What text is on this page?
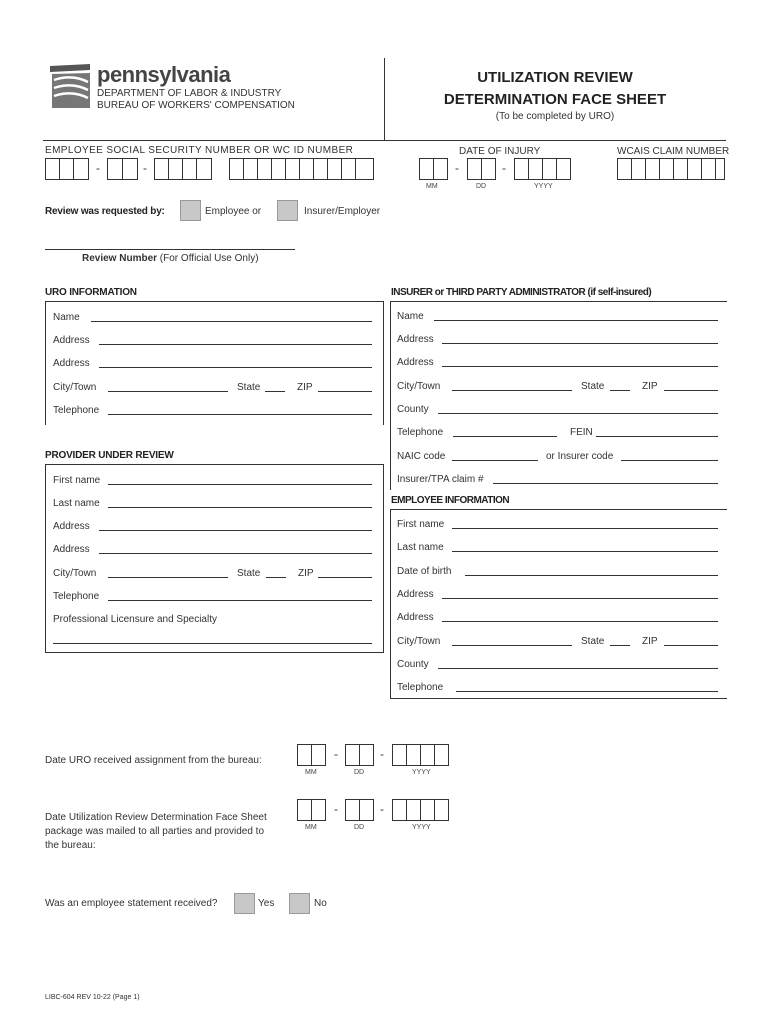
pennsylvania
DEPARTMENT OF LABOR & INDUSTRY
BUREAU OF WORKERS' COMPENSATION
UTILIZATION REVIEW
DETERMINATION FACE SHEET
(To be completed by URO)
EMPLOYEE SOCIAL SECURITY NUMBER OR WC ID NUMBER	DATE OF INJURY	WCAIS CLAIM NUMBER
-	-	-	-
MM	DD	YYYY
Review was requested by:	Employee or	Insurer/Employer
Review Number (For Official Use Only)
URO INFORMATION
Name
Address
Address
City/Town	State	ZIP
Telephone
INSURER or THIRD PARTY ADMINISTRATOR (if self-insured)
Name
Address
Address
City/Town	State	ZIP
County
Telephone	FEIN
NAIC code	or Insurer code
Insurer/TPA claim #
PROVIDER UNDER REVIEW
First name
Last name
Address
Address
City/Town	State	ZIP
Telephone
Professional Licensure and Specialty
EMPLOYEE INFORMATION
First name
Last name
Date of birth
Address
Address
City/Town	State	ZIP
County
Telephone
Date URO received assignment from the bureau:	-	-
MM	DD	YYYY
Date Utilization Review Determination Face Sheet
package was mailed to all parties and provided to
the bureau:
-	-
MM	DD	YYYY
Was an employee statement received?	Yes	No
LIBC-604 REV 10-22 (Page 1)
